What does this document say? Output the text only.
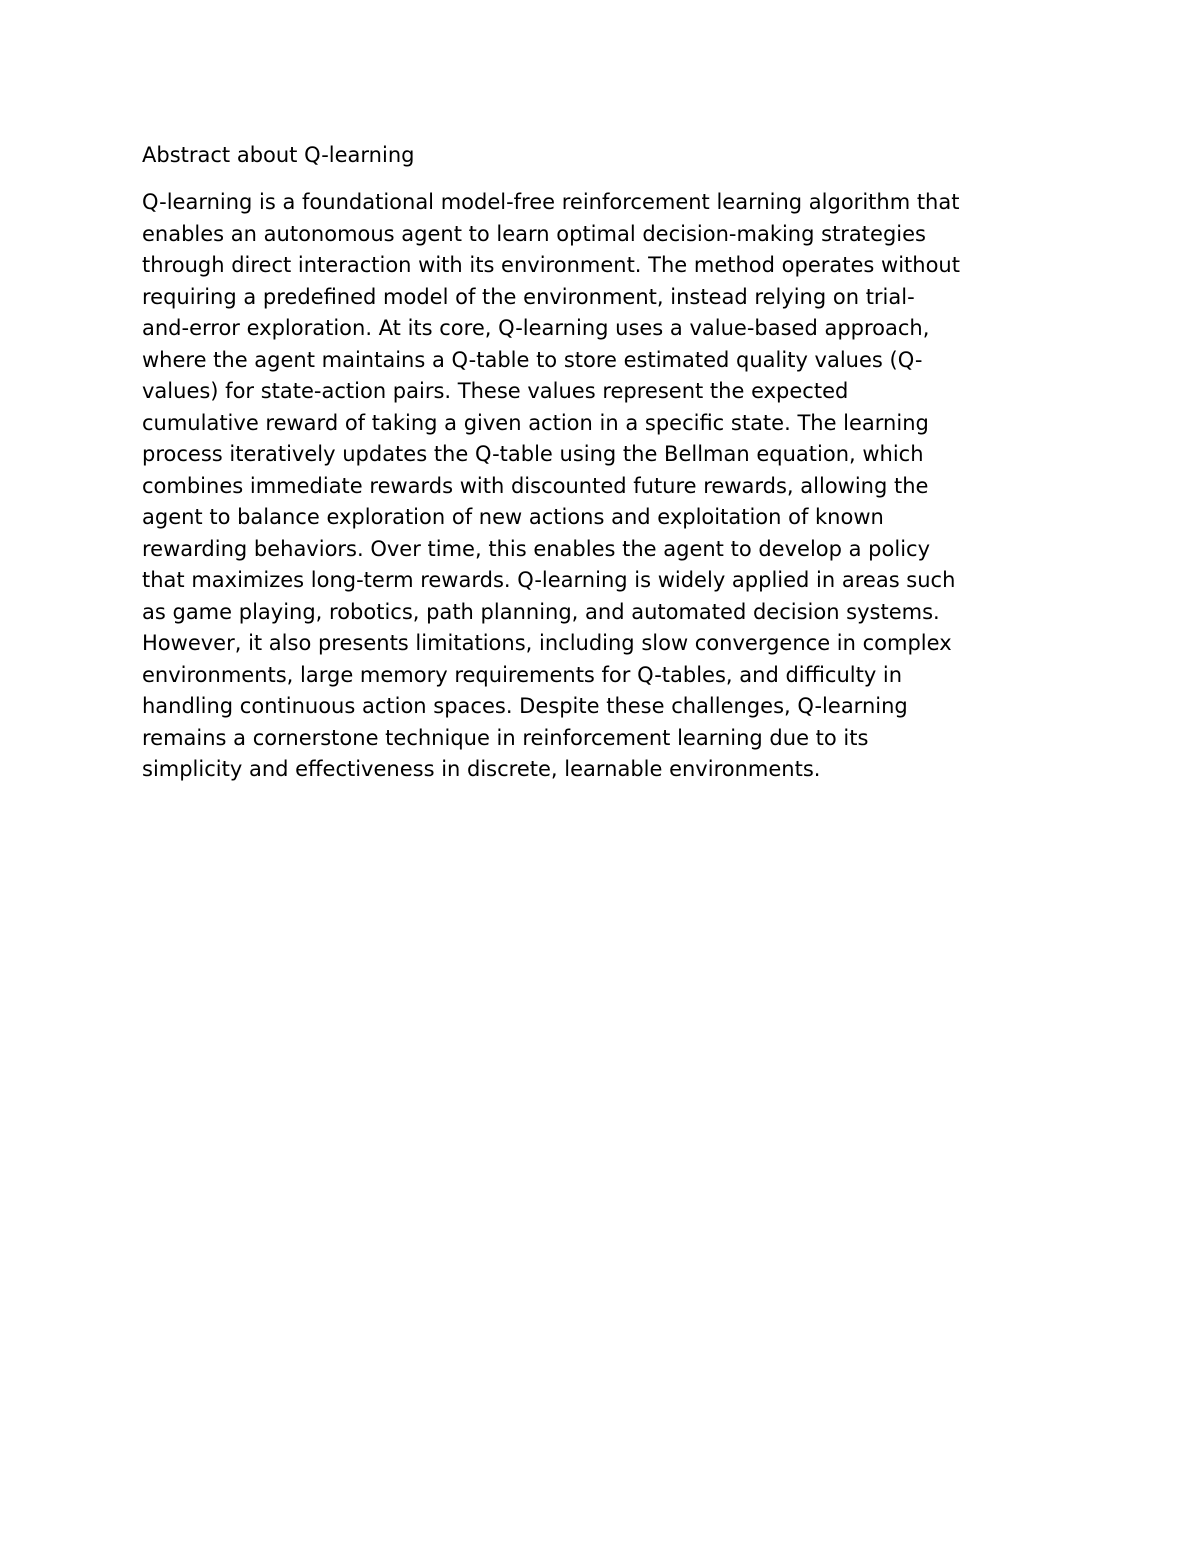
Abstract about Q-learning
Q-learning is a foundational model-free reinforcement learning algorithm that
enables an autonomous agent to learn optimal decision-making strategies
through direct interaction with its environment. The method operates without
requiring a predefined model of the environment, instead relying on trial-
and-error exploration. At its core, Q-learning uses a value-based approach,
where the agent maintains a Q-table to store estimated quality values (Q-
values) for state-action pairs. These values represent the expected
cumulative reward of taking a given action in a specific state. The learning
process iteratively updates the Q-table using the Bellman equation, which
combines immediate rewards with discounted future rewards, allowing the
agent to balance exploration of new actions and exploitation of known
rewarding behaviors. Over time, this enables the agent to develop a policy
that maximizes long-term rewards. Q-learning is widely applied in areas such
as game playing, robotics, path planning, and automated decision systems.
However, it also presents limitations, including slow convergence in complex
environments, large memory requirements for Q-tables, and difficulty in
handling continuous action spaces. Despite these challenges, Q-learning
remains a cornerstone technique in reinforcement learning due to its
simplicity and effectiveness in discrete, learnable environments.
